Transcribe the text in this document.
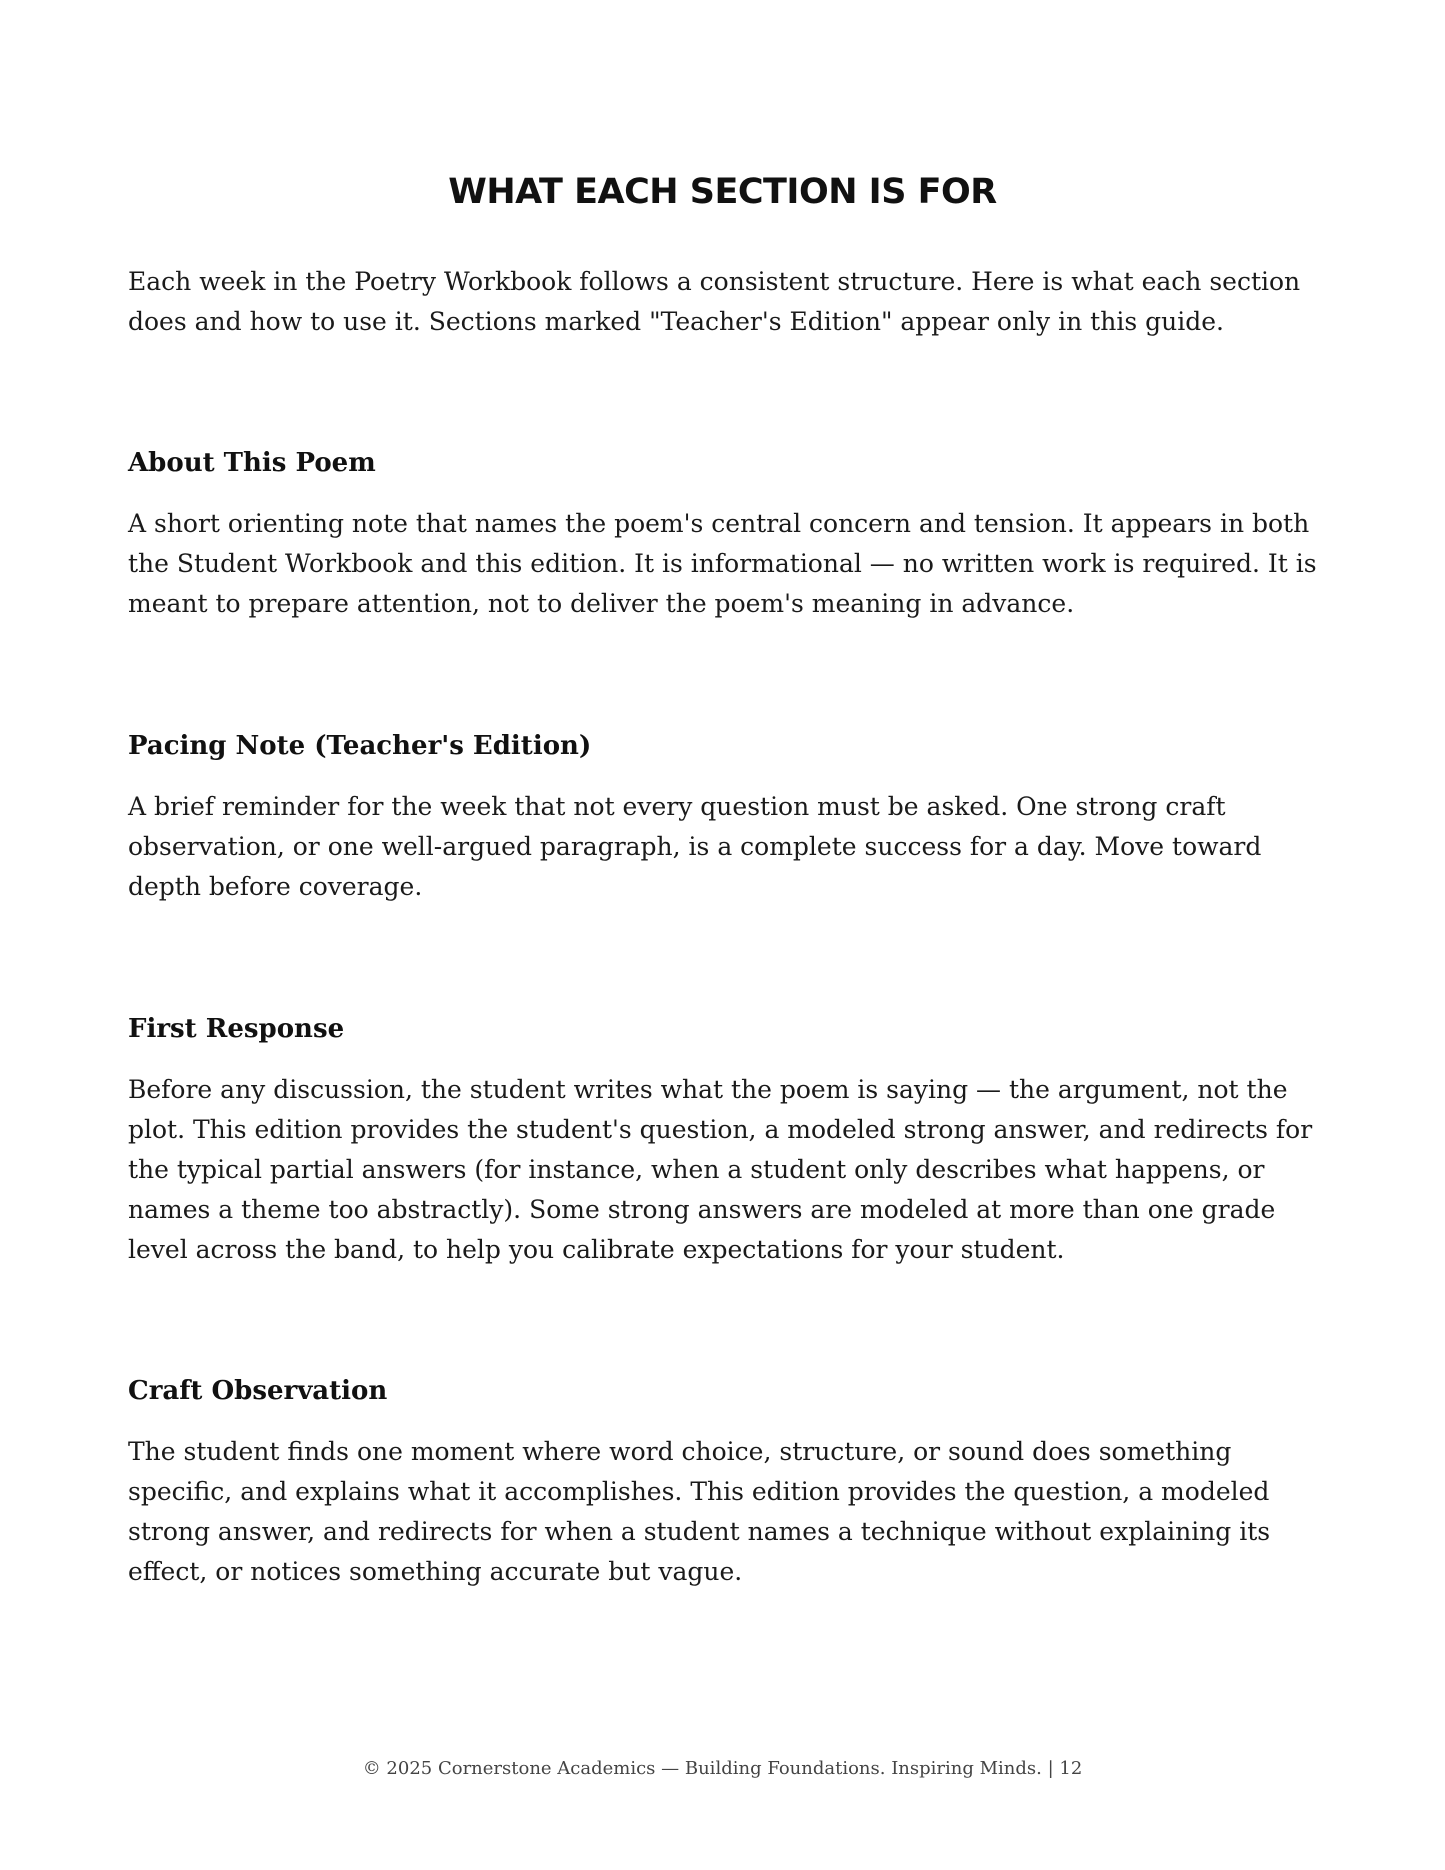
WHAT EACH SECTION IS FOR

Each week in the Poetry Workbook follows a consistent structure. Here is what each section does and how to use it. Sections marked "Teacher's Edition" appear only in this guide.

About This Poem

A short orienting note that names the poem's central concern and tension. It appears in both the Student Workbook and this edition. It is informational — no written work is required. It is meant to prepare attention, not to deliver the poem's meaning in advance.

Pacing Note (Teacher's Edition)

A brief reminder for the week that not every question must be asked. One strong craft observation, or one well-argued paragraph, is a complete success for a day. Move toward depth before coverage.

First Response

Before any discussion, the student writes what the poem is saying — the argument, not the plot. This edition provides the student's question, a modeled strong answer, and redirects for the typical partial answers (for instance, when a student only describes what happens, or names a theme too abstractly). Some strong answers are modeled at more than one grade level across the band, to help you calibrate expectations for your student.

Craft Observation

The student finds one moment where word choice, structure, or sound does something specific, and explains what it accomplishes. This edition provides the question, a modeled strong answer, and redirects for when a student names a technique without explaining its effect, or notices something accurate but vague.

© 2025 Cornerstone Academics — Building Foundations. Inspiring Minds. | 12
